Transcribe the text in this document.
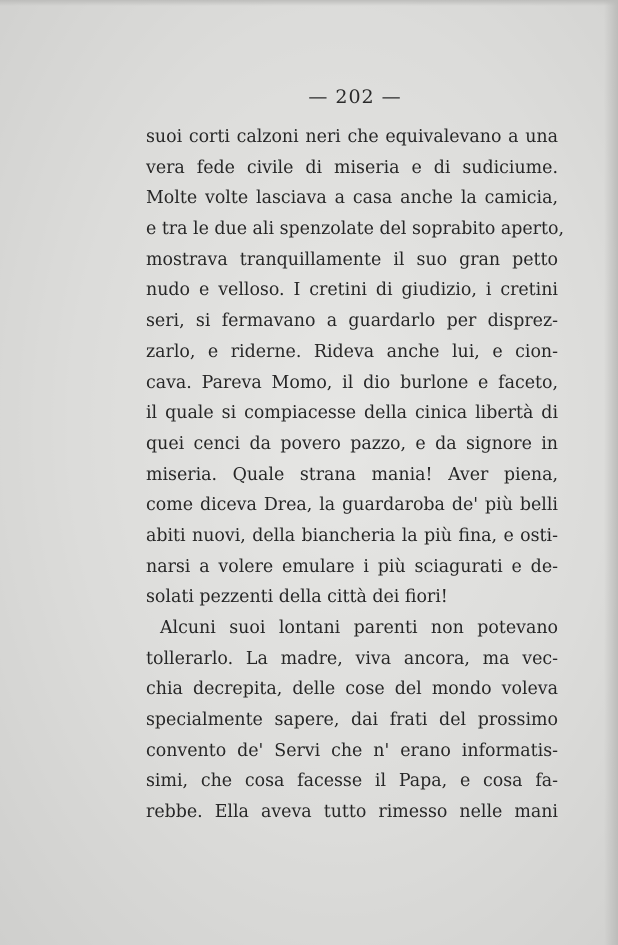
— 202 —
suoi corti calzoni neri che equivalevano a una
vera fede civile di miseria e di sudiciume.
Molte volte lasciava a casa anche la camicia,
e tra le due ali spenzolate del soprabito aperto,
mostrava tranquillamente il suo gran petto
nudo e velloso. I cretini di giudizio, i cretini
seri, si fermavano a guardarlo per disprez-
zarlo, e riderne. Rideva anche lui, e cion-
cava. Pareva Momo, il dio burlone e faceto,
il quale si compiacesse della cinica libertà di
quei cenci da povero pazzo, e da signore in
miseria. Quale strana mania! Aver piena,
come diceva Drea, la guardaroba de' più belli
abiti nuovi, della biancheria la più fina, e osti-
narsi a volere emulare i più sciagurati e de-
solati pezzenti della città dei fiori!
Alcuni suoi lontani parenti non potevano
tollerarlo. La madre, viva ancora, ma vec-
chia decrepita, delle cose del mondo voleva
specialmente sapere, dai frati del prossimo
convento de' Servi che n' erano informatis-
simi, che cosa facesse il Papa, e cosa fa-
rebbe. Ella aveva tutto rimesso nelle mani
